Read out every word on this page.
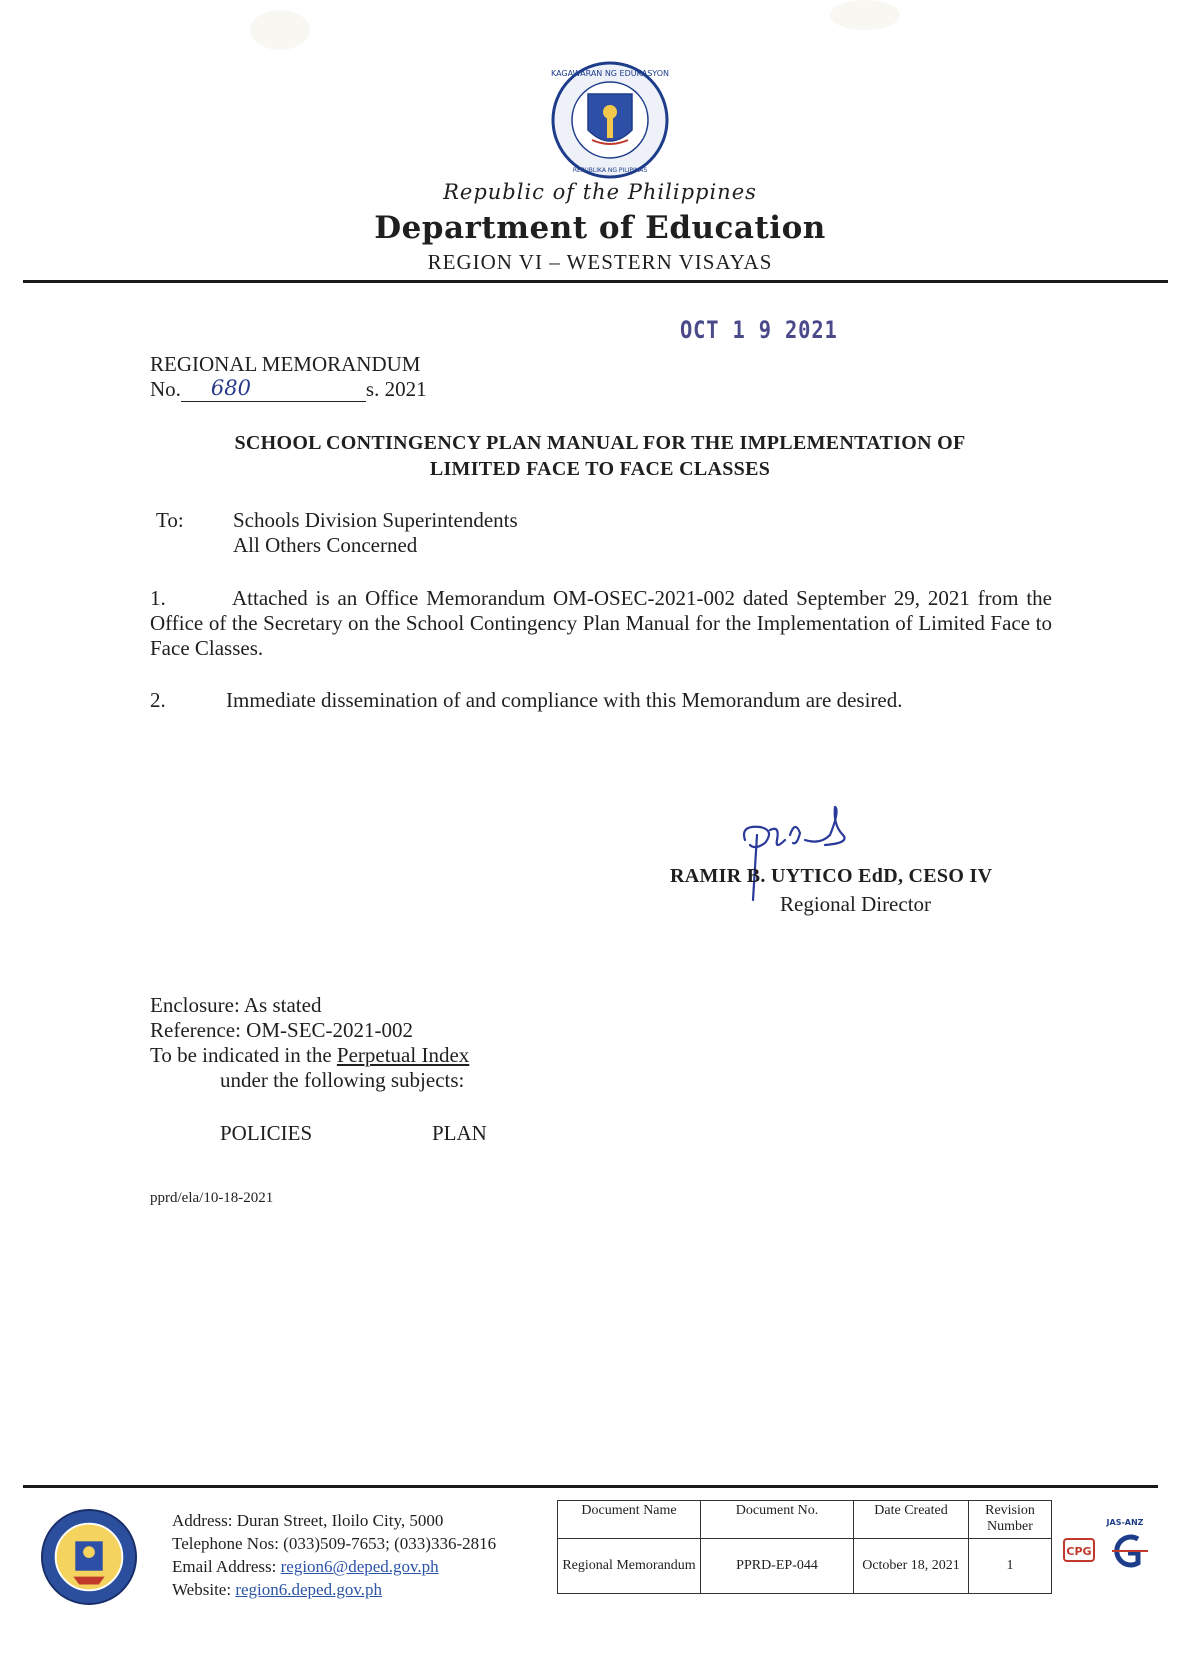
KAGAWARAN NG EDUKASYON
REPUBLIKA NG PILIPINAS
Republic of the Philippines
Department of Education
REGION VI – WESTERN VISAYAS
OCT 1 9 2021
REGIONAL MEMORANDUM
No. 680	s. 2021
SCHOOL CONTINGENCY PLAN MANUAL FOR THE IMPLEMENTATION OF
LIMITED FACE TO FACE CLASSES
To: Schools Division Superintendents
All Others Concerned
1.	Attached is an Office Memorandum OM-OSEC-2021-002 dated September 29, 2021 from the Office of the Secretary on the School Contingency Plan Manual for the Implementation of Limited Face to Face Classes.
2.	Immediate dissemination of and compliance with this Memorandum are desired.
RAMIR B. UYTICO EdD, CESO IV
Regional Director
Enclosure: As stated
Reference: OM-SEC-2021-002
To be indicated in the Perpetual Index
under the following subjects:
POLICIES	PLAN
pprd/ela/10-18-2021
Address: Duran Street, Iloilo City, 5000
Telephone Nos: (033)509-7653; (033)336-2816
Email Address: region6@deped.gov.ph
Website: region6.deped.gov.ph
Document Name	Document No.	Date Created	Revision Number
Regional Memorandum	PPRD-EP-044	October 18, 2021	1
JAS-ANZ
CPG
